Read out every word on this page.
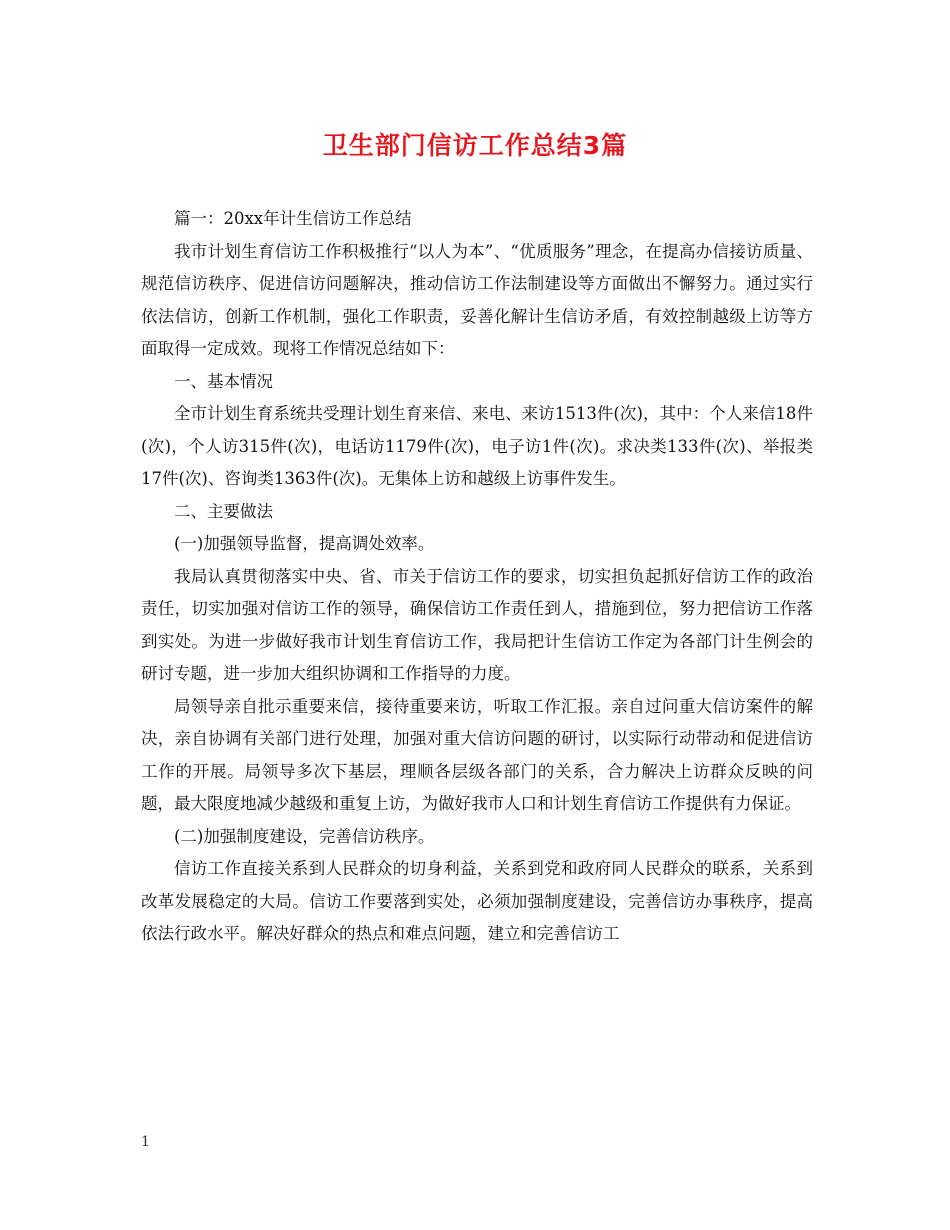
卫生部门信访工作总结3篇

篇一：20xx年计生信访工作总结

我市计划生育信访工作积极推行“以人为本”、“优质服务”理念，在提高办信接访质量、规范信访秩序、促进信访问题解决，推动信访工作法制建设等方面做出不懈努力。通过实行依法信访，创新工作机制，强化工作职责，妥善化解计生信访矛盾，有效控制越级上访等方面取得一定成效。现将工作情况总结如下：

一、基本情况

全市计划生育系统共受理计划生育来信、来电、来访1513件(次)，其中：个人来信18件(次)，个人访315件(次)，电话访1179件(次)，电子访1件(次)。求决类133件(次)、举报类17件(次)、咨询类1363件(次)。无集体上访和越级上访事件发生。

二、主要做法

(一)加强领导监督，提高调处效率。

我局认真贯彻落实中央、省、市关于信访工作的要求，切实担负起抓好信访工作的政治责任，切实加强对信访工作的领导，确保信访工作责任到人，措施到位，努力把信访工作落到实处。为进一步做好我市计划生育信访工作，我局把计生信访工作定为各部门计生例会的研讨专题，进一步加大组织协调和工作指导的力度。

局领导亲自批示重要来信，接待重要来访，听取工作汇报。亲自过问重大信访案件的解决，亲自协调有关部门进行处理，加强对重大信访问题的研讨，以实际行动带动和促进信访工作的开展。局领导多次下基层，理顺各层级各部门的关系，合力解决上访群众反映的问题，最大限度地减少越级和重复上访，为做好我市人口和计划生育信访工作提供有力保证。

(二)加强制度建设，完善信访秩序。

信访工作直接关系到人民群众的切身利益，关系到党和政府同人民群众的联系，关系到改革发展稳定的大局。信访工作要落到实处，必须加强制度建设，完善信访办事秩序，提高依法行政水平。解决好群众的热点和难点问题，建立和完善信访工

1
